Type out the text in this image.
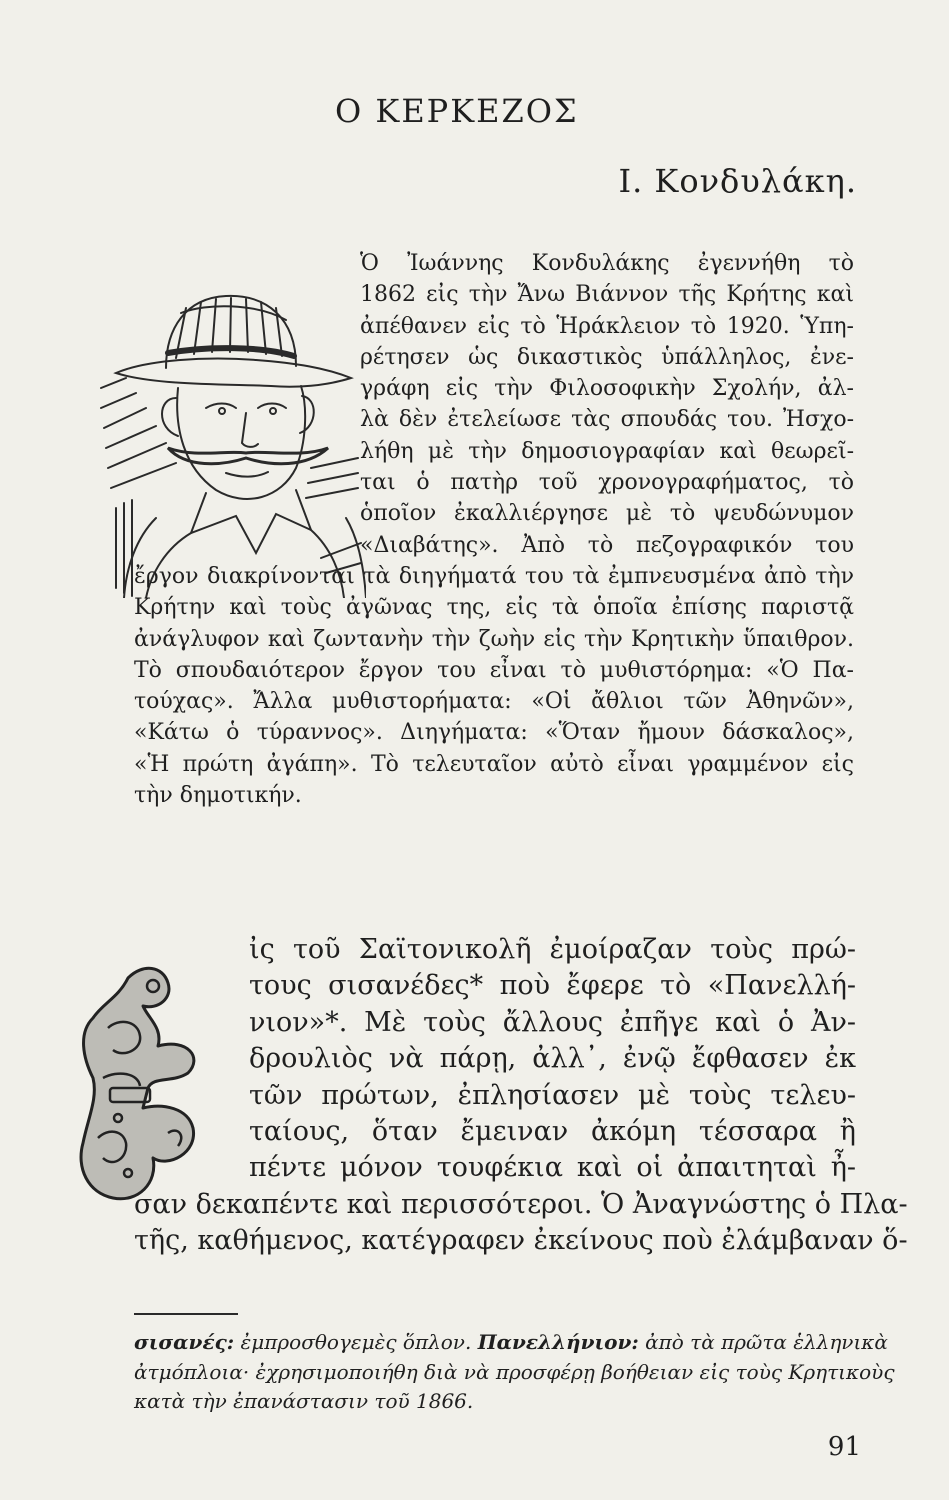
Ο ΚΕΡΚΕΖΟΣ
Ι. Κονδυλάκη.
Ὁ Ἰωάννης Κονδυλάκης ἐγεννήθη τὸ
1862 εἰς τὴν Ἄνω Βιάννον τῆς Κρήτης καὶ
ἀπέθανεν εἰς τὸ Ἡράκλειον τὸ 1920. Ὑπη-
ρέτησεν ὡς δικαστικὸς ὑπάλληλος, ἐνε-
γράφη εἰς τὴν Φιλοσοφικὴν Σχολήν, ἀλ-
λὰ δὲν ἐτελείωσε τὰς σπουδάς του. Ἠσχο-
λήθη μὲ τὴν δημοσιογραφίαν καὶ θεωρεῖ-
ται ὁ πατὴρ τοῦ χρονογραφήματος, τὸ
ὁποῖον ἐκαλλιέργησε μὲ τὸ ψευδώνυμον
«Διαβάτης». Ἀπὸ τὸ πεζογραφικόν του
ἔργον διακρίνονται τὰ διηγήματά του τὰ ἐμπνευσμένα ἀπὸ τὴν
Κρήτην καὶ τοὺς ἀγῶνας της, εἰς τὰ ὁποῖα ἐπίσης παριστᾷ
ἀνάγλυφον καὶ ζωντανὴν τὴν ζωὴν εἰς τὴν Κρητικὴν ὕπαιθρον.
Τὸ σπουδαιότερον ἔργον του εἶναι τὸ μυθιστόρημα: «Ὁ Πα-
τούχας». Ἄλλα μυθιστορήματα: «Οἱ ἄθλιοι τῶν Ἀθηνῶν»,
«Κάτω ὁ τύραννος». Διηγήματα: «Ὅταν ἤμουν δάσκαλος»,
«Ἡ πρώτη ἀγάπη». Τὸ τελευταῖον αὐτὸ εἶναι γραμμένον εἰς
τὴν δημοτικήν.
ἰς τοῦ Σαϊτονικολῆ ἐμοίραζαν τοὺς πρώ-
τους σισανέδες* ποὺ ἔφερε τὸ «Πανελλή-
νιον»*. Μὲ τοὺς ἄλλους ἐπῆγε καὶ ὁ Ἀν-
δρουλιὸς νὰ πάρῃ, ἀλλ᾽, ἐνῷ ἔφθασεν ἐκ
τῶν πρώτων, ἐπλησίασεν μὲ τοὺς τελευ-
ταίους, ὅταν ἔμειναν ἀκόμη τέσσαρα ἢ
πέντε μόνον τουφέκια καὶ οἱ ἀπαιτηταὶ ἦ-
σαν δεκαπέντε καὶ περισσότεροι. Ὁ Ἀναγνώστης ὁ Πλα-
τῆς, καθήμενος, κατέγραφεν ἐκείνους ποὺ ἐλάμβαναν ὅ-
σισανές: ἐμπροσθογεμὲς ὅπλον. Πανελλήνιον: ἀπὸ τὰ πρῶτα ἑλληνικὰ
ἀτμόπλοια· ἐχρησιμοποιήθη διὰ νὰ προσφέρῃ βοήθειαν εἰς τοὺς Κρητικοὺς
κατὰ τὴν ἐπανάστασιν τοῦ 1866.
91
